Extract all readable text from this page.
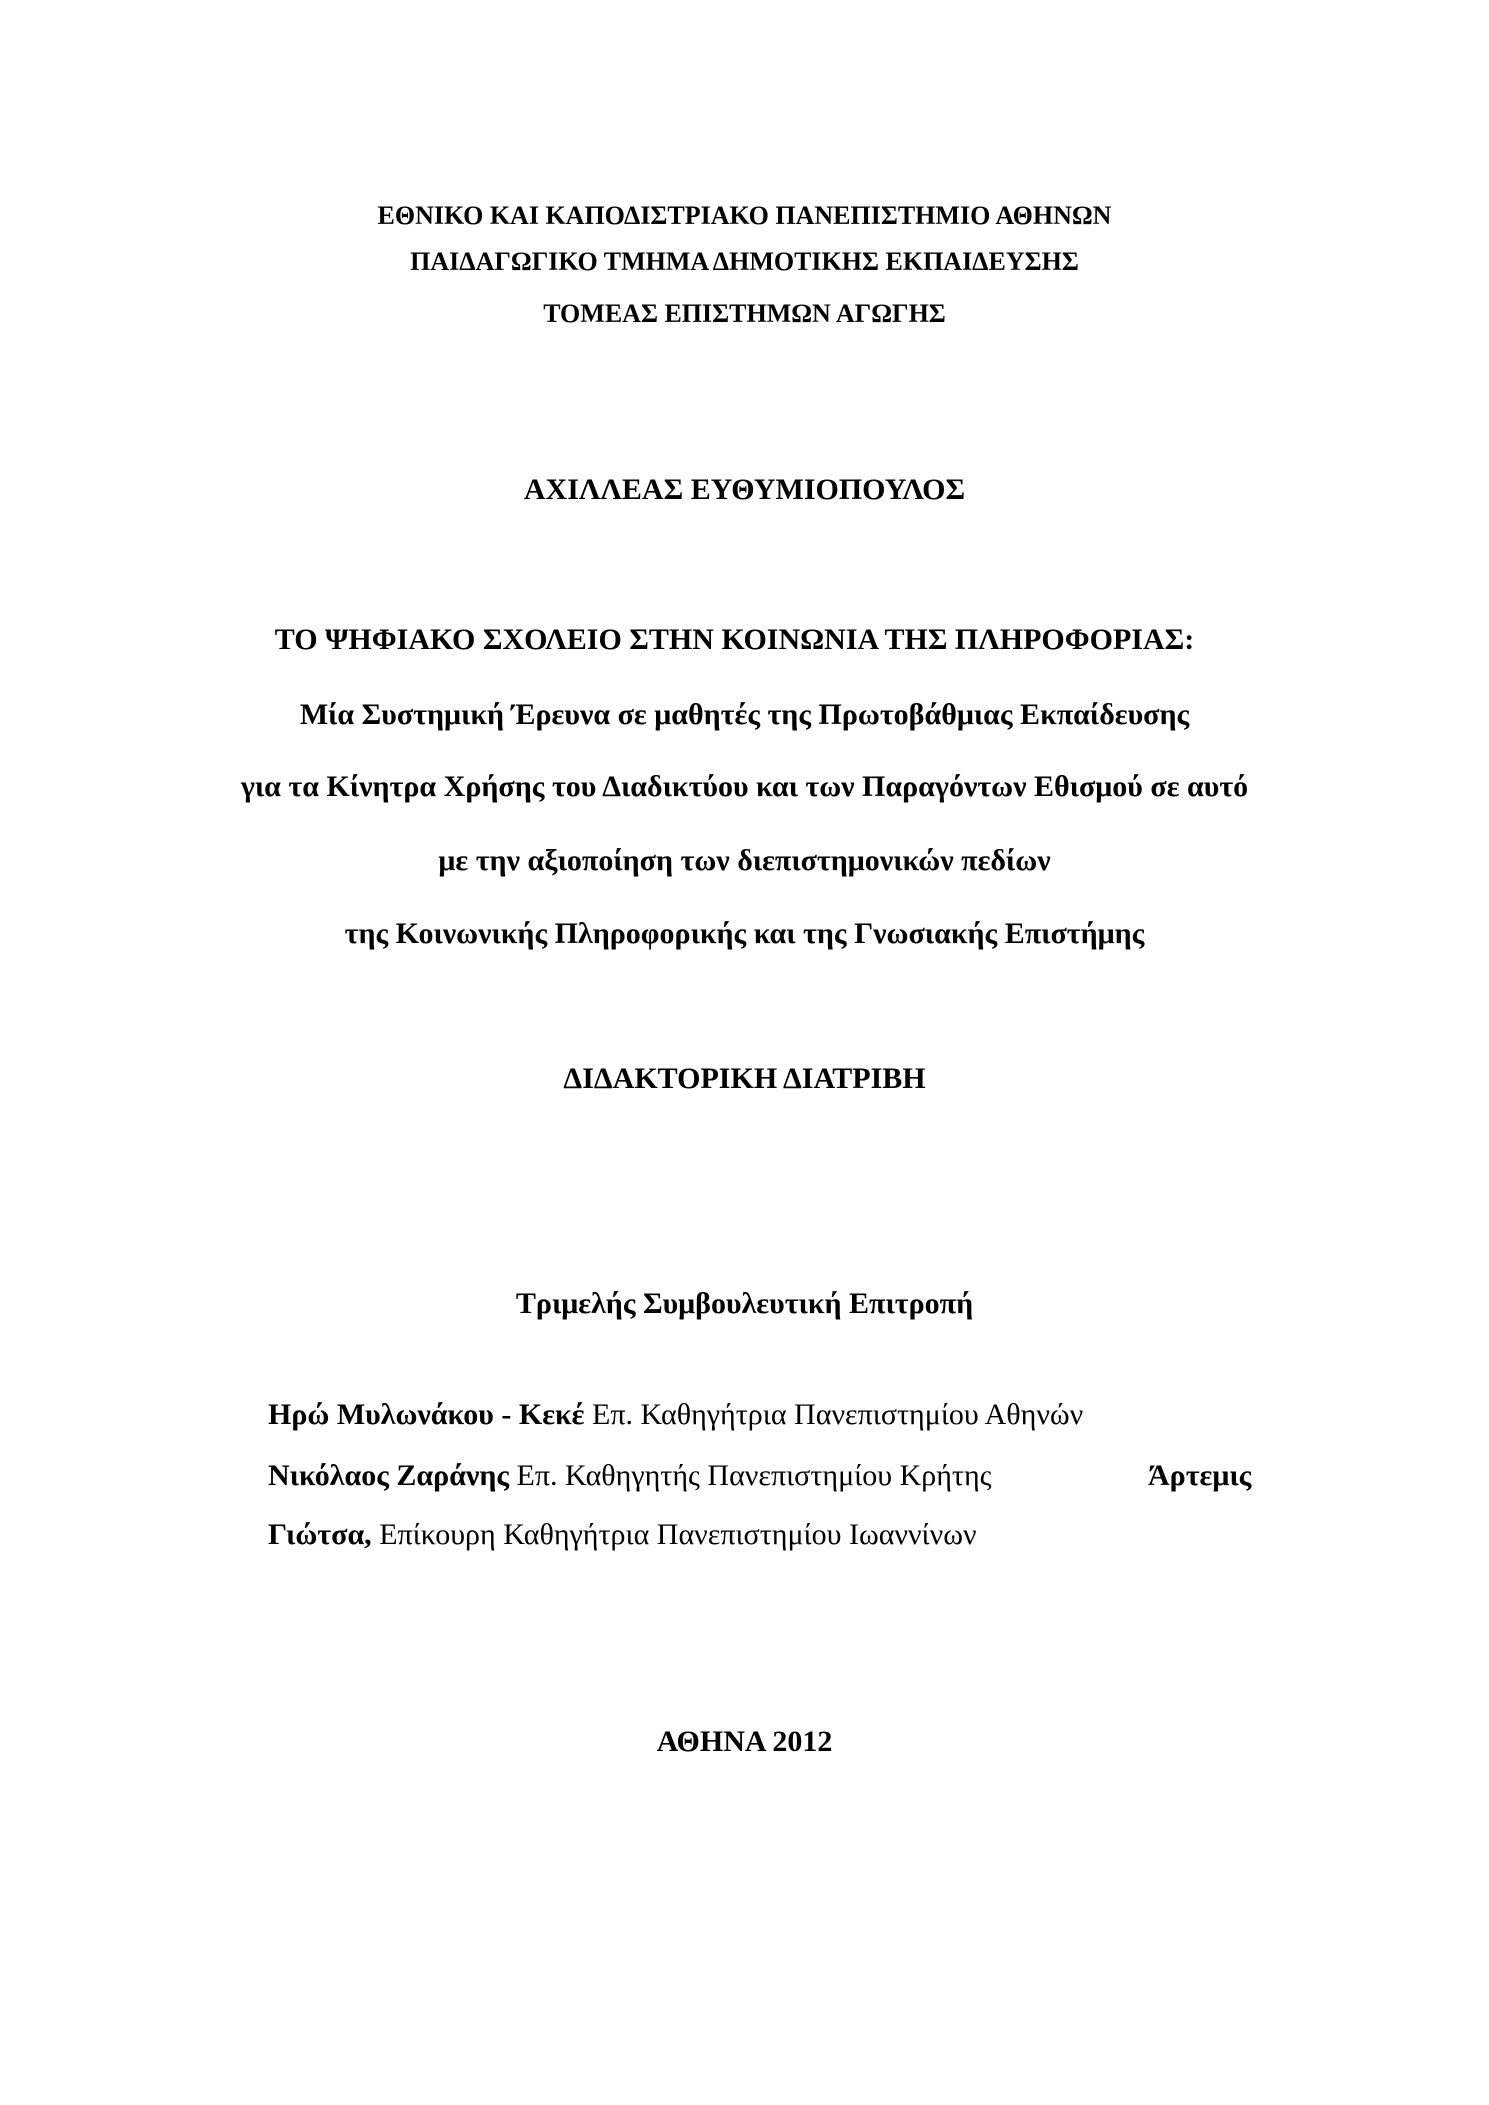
ΕΘΝΙΚΟ ΚΑΙ ΚΑΠΟΔΙΣΤΡΙΑΚΟ ΠΑΝΕΠΙΣΤΗΜΙΟ ΑΘΗΝΩΝ
ΠΑΙΔΑΓΩΓΙΚΟ ΤΜΗΜΑ ΔΗΜΟΤΙΚΗΣ ΕΚΠΑΙΔΕΥΣΗΣ
ΤΟΜΕΑΣ ΕΠΙΣΤΗΜΩΝ ΑΓΩΓΗΣ
ΑΧΙΛΛΕΑΣ ΕΥΘΥΜΙΟΠΟΥΛΟΣ
ΤΟ ΨΗΦΙΑΚΟ ΣΧΟΛΕΙΟ ΣΤΗΝ ΚΟΙΝΩΝΙΑ ΤΗΣ ΠΛΗΡΟΦΟΡΙΑΣ:
Μία Συστημική Έρευνα σε μαθητές της Πρωτοβάθμιας Εκπαίδευσης
για τα Κίνητρα Χρήσης του Διαδικτύου και των Παραγόντων Εθισμού σε αυτό
με την αξιοποίηση των διεπιστημονικών πεδίων
της Κοινωνικής Πληροφορικής και της Γνωσιακής Επιστήμης
ΔΙΔΑΚΤΟΡΙΚΗ ΔΙΑΤΡΙΒΗ
Τριμελής Συμβουλευτική Επιτροπή
Ηρώ Μυλωνάκου - Κεκέ Επ. Καθηγήτρια Πανεπιστημίου Αθηνών
Νικόλαος Ζαράνης Επ. Καθηγητής Πανεπιστημίου Κρήτης	Άρτεμις
Γιώτσα, Επίκουρη Καθηγήτρια Πανεπιστημίου Ιωαννίνων
ΑΘΗΝΑ 2012
